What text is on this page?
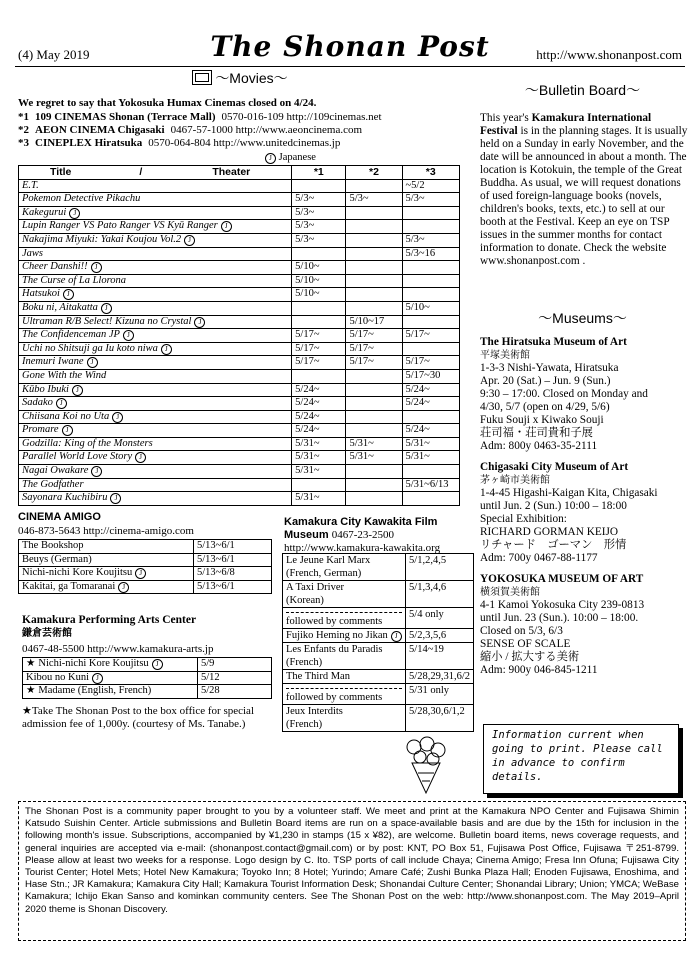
(4) May 2019	The Shonan Post	http://www.shonanpost.com
～Movies～
We regret to say that Yokosuka Humax Cinemas closed on 4/24.
*1 109 CINEMAS Shonan (Terrace Mall) 0570-016-109 http://109cinemas.net
*2 AEON CINEMA Chigasaki 0467-57-1000 http://www.aeoncinema.com
*3 CINEPLEX Hiratsuka 0570-064-804 http://www.unitedcinemas.jp
J Japanese
Title / Theater	*1	*2	*3
E.T.			~5/2
Pokemon Detective Pikachu	5/3~	5/3~	5/3~
Kakegurui J	5/3~		
Lupin Ranger VS Pato Ranger VS Kyū Ranger J	5/3~		
Nakajima Miyuki: Yakai Koujou Vol.2 J	5/3~		5/3~
Jaws			5/3~16
Cheer Danshi!! J	5/10~		
The Curse of La Llorona	5/10~		
Hatsukoi J	5/10~		
Boku ni, Aitakatta J			5/10~
Ultraman R/B Select! Kizuna no Crystal J		5/10~17	
The Confidenceman JP J	5/17~	5/17~	5/17~
Uchi no Shitsuji ga Iu koto niwa J	5/17~	5/17~	
Inemuri Iwane J	5/17~	5/17~	5/17~
Gone With the Wind			5/17~30
Kūbo Ibuki J	5/24~		5/24~
Sadako J	5/24~		5/24~
Chiisana Koi no Uta J	5/24~		
Promare J	5/24~		5/24~
Godzilla: King of the Monsters	5/31~	5/31~	5/31~
Parallel World Love Story J	5/31~	5/31~	5/31~
Nagai Owakare J	5/31~		
The Godfather			5/31~6/13
Sayonara Kuchibiru J	5/31~		
CINEMA AMIGO
046-873-5643 http://cinema-amigo.com
The Bookshop	5/13~6/1
Beuys (German)	5/13~6/1
Nichi-nichi Kore Koujitsu J	5/13~6/8
Kakitai, ga Tomaranai J	5/13~6/1
Kamakura Performing Arts Center
鎌倉芸術館
0467-48-5500 http://www.kamakura-arts.jp
★ Nichi-nichi Kore Koujitsu J	5/9
Kibou no Kuni J	5/12
★ Madame (English, French)	5/28
★Take The Shonan Post to the box office for special admission fee of 1,000y. (courtesy of Ms. Tanabe.)
Kamakura City Kawakita Film Museum 0467-23-2500
http://www.kamakura-kawakita.org
Le Jeune Karl Marx
(French, German)	5/1,2,4,5
A Taxi Driver
(Korean)	5/1,3,4,6

followed by comments	5/4 only
Fujiko Heming no Jikan J	5/2,3,5,6
Les Enfants du Paradis
(French)	5/14~19
The Third Man	5/28,29,31,6/2

followed by comments	5/31 only
Jeux Interdits
(French)	5/28,30,6/1,2
～Bulletin Board～
This year's Kamakura International Festival is in the planning stages. It is usually held on a Sunday in early November, and the date will be announced in about a month. The location is Kotokuin, the temple of the Great Buddha. As usual, we will request donations of used foreign-language books (novels, children's books, texts, etc.) to sell at our booth at the Festival. Keep an eye on TSP issues in the summer months for contact information to donate. Check the website www.shonanpost.com .
～Museums～
The Hiratsuka Museum of Art
平塚美術館
1-3-3 Nishi-Yawata, Hiratsuka
Apr. 20 (Sat.) – Jun. 9 (Sun.)
9:30 – 17:00. Closed on Monday and
4/30, 5/7 (open on 4/29, 5/6)
Fuku Souji x Kiwako Souji
荘司福・荘司貴和子展
Adm: 800y 0463-35-2111
Chigasaki City Museum of Art
茅ヶ崎市美術館
1-4-45 Higashi-Kaigan Kita, Chigasaki
until Jun. 2 (Sun.) 10:00 – 18:00
Special Exhibition:
RICHARD GORMAN KEIJO
リチャード　ゴーマン　形情
Adm: 700y 0467-88-1177
YOKOSUKA MUSEUM OF ART
横須賀美術館
4-1 Kamoi Yokosuka City 239-0813
until Jun. 23 (Sun.). 10:00 – 18:00.
Closed on 5/3, 6/3
SENSE OF SCALE
縮小 / 拡大する美術
Adm: 900y 046-845-1211
Information current when going to print. Please call in advance to confirm details.
The Shonan Post is a community paper brought to you by a volunteer staff. We meet and print at the Kamakura NPO Center and Fujisawa Shimin Katsudo Suishin Center. Article submissions and Bulletin Board items are run on a space-available basis and are due by the 15th for inclusion in the following month's issue. Subscriptions, accompanied by ¥1,230 in stamps (15 x ¥82), are welcome. Bulletin board items, news coverage requests, and general inquiries are accepted via e-mail: (shonanpost.contact@gmail.com) or by post: KNT, PO Box 51, Fujisawa Post Office, Fujisawa 〒251-8799. Please allow at least two weeks for a response. Logo design by C. Ito. TSP ports of call include Chaya; Cinema Amigo; Fresa Inn Ofuna; Fujisawa City Tourist Center; Hotel Mets; Hotel New Kamakura; Toyoko Inn; 8 Hotel; Yurindo; Amare Café; Zushi Bunka Plaza Hall; Enoden Fujisawa, Enoshima, and Hase Stn.; JR Kamakura; Kamakura City Hall; Kamakura Tourist Information Desk; Shonandai Culture Center; Shonandai Library; Union; YMCA; WeBase Kamakura; Ichijo Ekan Sanso and kominkan community centers. See The Shonan Post on the web: http://www.shonanpost.com. The May 2019–April 2020 theme is Shonan Discovery.
